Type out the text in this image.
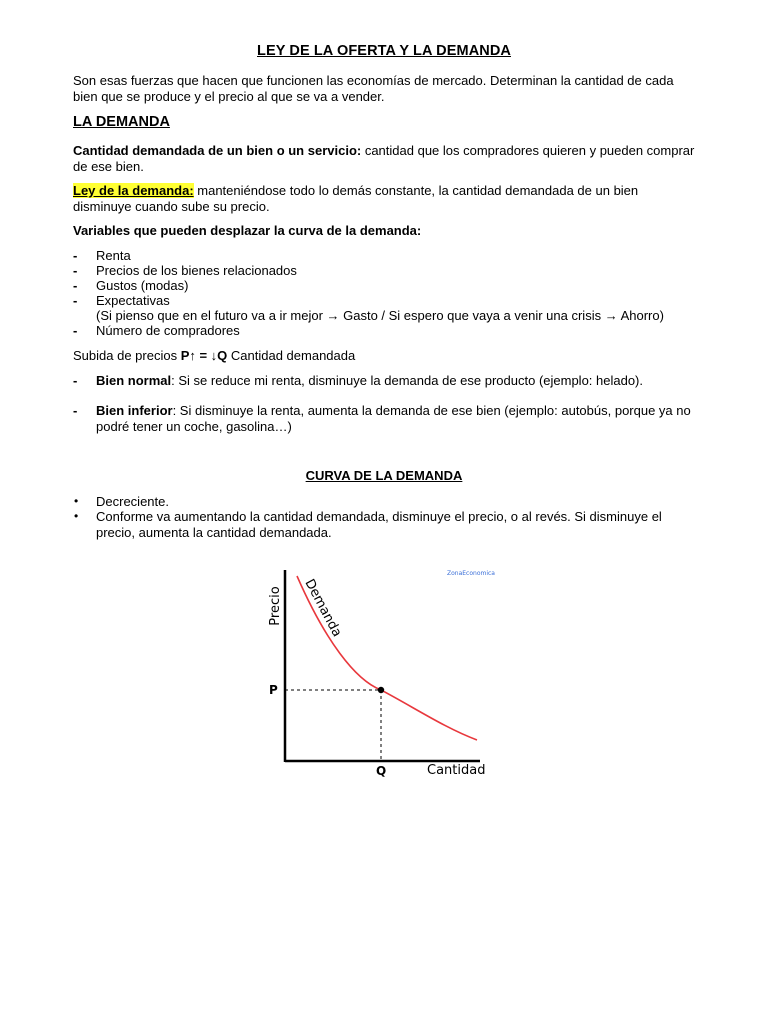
LEY DE LA OFERTA Y LA DEMANDA
Son esas fuerzas que hacen que funcionen las economías de mercado. Determinan la cantidad de cada bien que se produce y el precio al que se va a vender.
LA DEMANDA
Cantidad demandada de un bien o un servicio: cantidad que los compradores quieren y pueden comprar de ese bien.
Ley de la demanda: manteniéndose todo lo demás constante, la cantidad demandada de un bien disminuye cuando sube su precio.
Variables que pueden desplazar la curva de la demanda:
- Renta
- Precios de los bienes relacionados
- Gustos (modas)
- Expectativas
(Si pienso que en el futuro va a ir mejor → Gasto / Si espero que vaya a venir una crisis → Ahorro)
- Número de compradores
Subida de precios P↑ = ↓Q Cantidad demandada
- Bien normal: Si se reduce mi renta, disminuye la demanda de ese producto (ejemplo: helado).
- Bien inferior: Si disminuye la renta, aumenta la demanda de ese bien (ejemplo: autobús, porque ya no podré tener un coche, gasolina…)
CURVA DE LA DEMANDA
• Decreciente.
• Conforme va aumentando la cantidad demandada, disminuye el precio, o al revés. Si disminuye el precio, aumenta la cantidad demandada.
Precio
Cantidad
Demanda
P
Q
ZonaEconomica
